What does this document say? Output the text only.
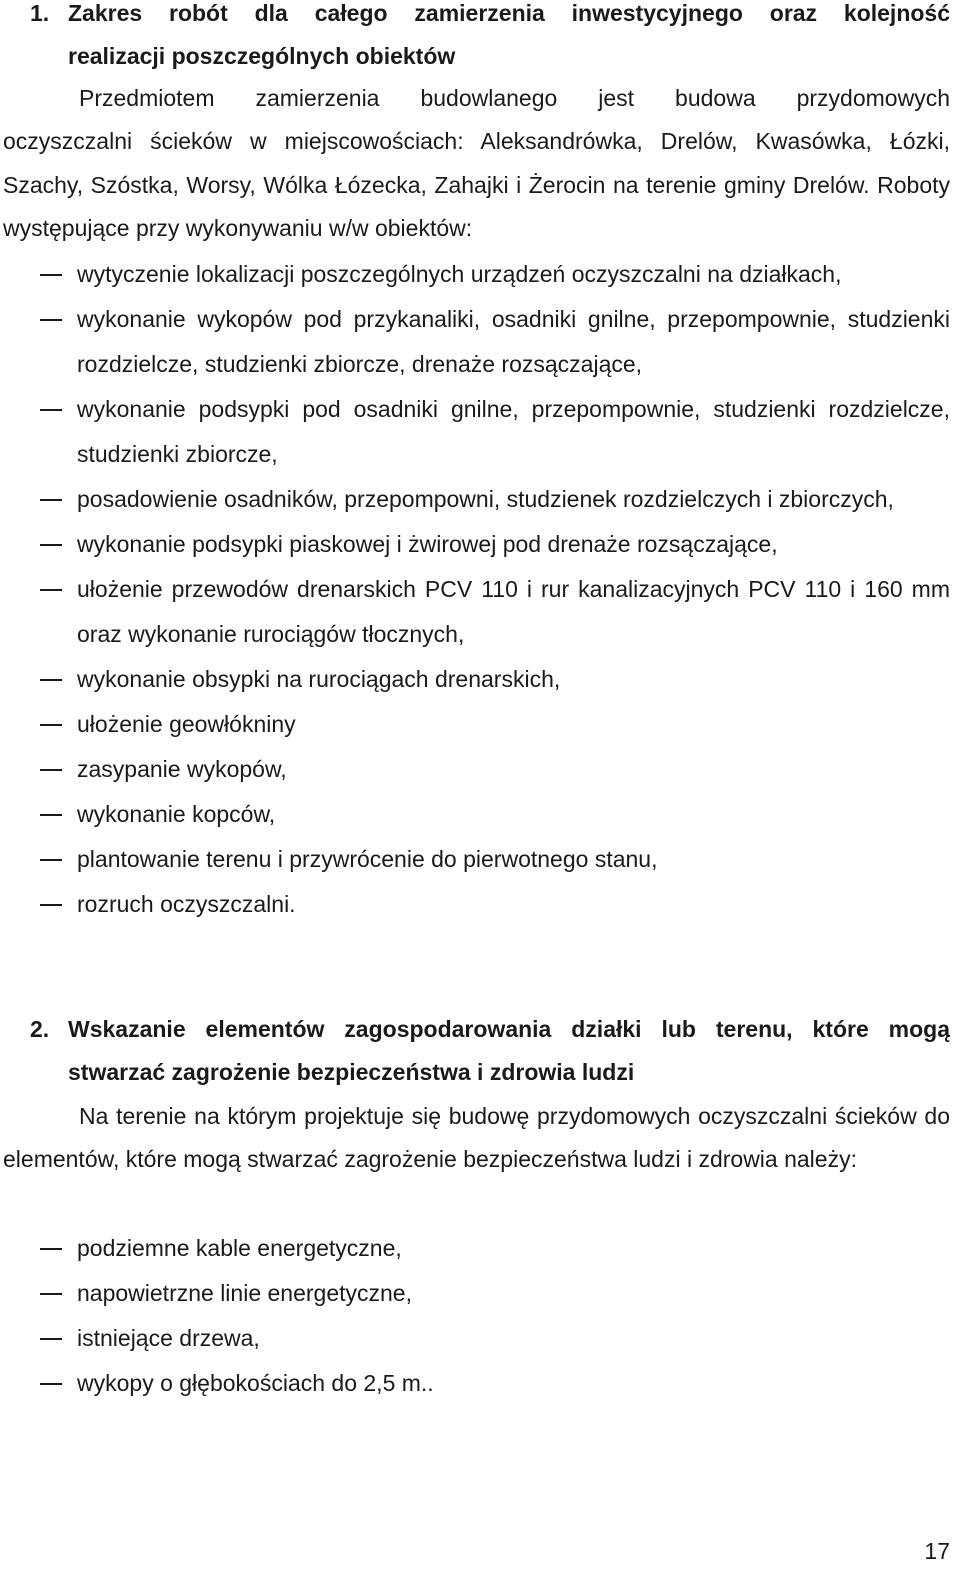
1. Zakres robót dla całego zamierzenia inwestycyjnego oraz kolejność
realizacji poszczególnych obiektów
Przedmiotem zamierzenia budowlanego jest budowa przydomowych
oczyszczalni ścieków w miejscowościach: Aleksandrówka, Drelów, Kwasówka, Łózki, Szachy, Szóstka, Worsy, Wólka Łózecka, Zahajki i Żerocin na terenie gminy Drelów. Roboty występujące przy wykonywaniu w/w obiektów:
wytyczenie lokalizacji poszczególnych urządzeń oczyszczalni na działkach,
wykonanie wykopów pod przykanaliki, osadniki gnilne, przepompownie, studzienki rozdzielcze, studzienki zbiorcze, drenaże rozsączające,
wykonanie podsypki pod osadniki gnilne, przepompownie, studzienki rozdzielcze, studzienki zbiorcze,
posadowienie osadników, przepompowni, studzienek rozdzielczych i zbiorczych,
wykonanie podsypki piaskowej i żwirowej pod drenaże rozsączające,
ułożenie przewodów drenarskich PCV 110 i rur kanalizacyjnych PCV 110 i 160 mm oraz wykonanie rurociągów tłocznych,
wykonanie obsypki na rurociągach drenarskich,
ułożenie geowłókniny
zasypanie wykopów,
wykonanie kopców,
plantowanie terenu i przywrócenie do pierwotnego stanu,
rozruch oczyszczalni.
2. Wskazanie elementów zagospodarowania działki lub terenu, które mogą
stwarzać zagrożenie bezpieczeństwa i zdrowia ludzi
Na terenie na którym projektuje się budowę przydomowych oczyszczalni ścieków do elementów, które mogą stwarzać zagrożenie bezpieczeństwa ludzi i zdrowia należy:
podziemne kable energetyczne,
napowietrzne linie energetyczne,
istniejące drzewa,
wykopy o głębokościach do 2,5 m..
17
